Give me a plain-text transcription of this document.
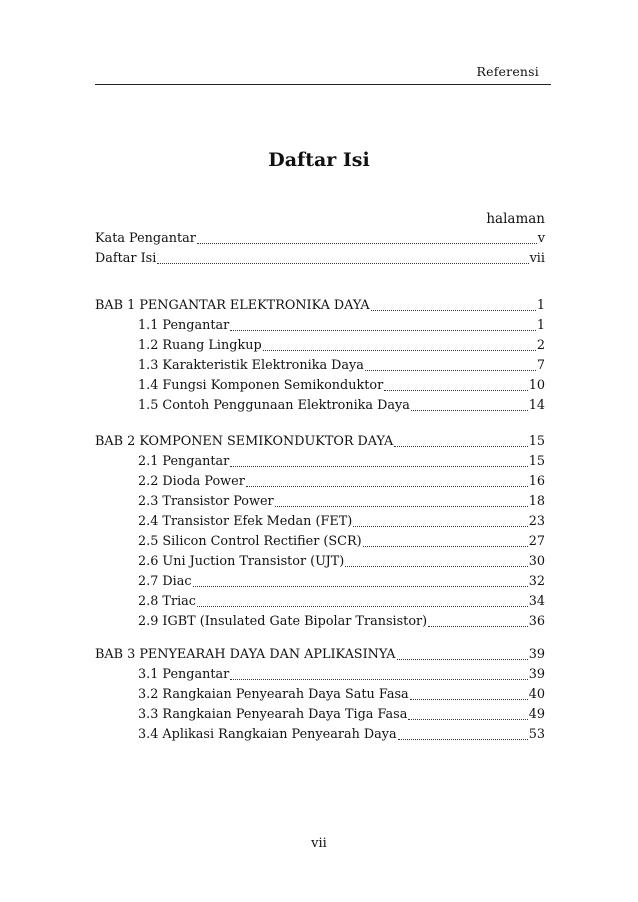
Referensi
Daftar Isi
halaman
Kata Pengantar	v
Daftar Isi	vii
BAB 1 PENGANTAR ELEKTRONIKA DAYA	1
1.1 Pengantar	1
1.2 Ruang Lingkup	2
1.3 Karakteristik Elektronika Daya	7
1.4 Fungsi Komponen Semikonduktor	10
1.5 Contoh Penggunaan Elektronika Daya	14
BAB 2 KOMPONEN SEMIKONDUKTOR DAYA	15
2.1 Pengantar	15
2.2 Dioda Power	16
2.3 Transistor Power	18
2.4 Transistor Efek Medan (FET)	23
2.5 Silicon Control Rectifier (SCR)	27
2.6 Uni Juction Transistor (UJT)	30
2.7 Diac	32
2.8 Triac	34
2.9 IGBT (Insulated Gate Bipolar Transistor)	36
BAB 3 PENYEARAH DAYA DAN APLIKASINYA	39
3.1 Pengantar	39
3.2 Rangkaian Penyearah Daya Satu Fasa	40
3.3 Rangkaian Penyearah Daya Tiga Fasa	49
3.4 Aplikasi Rangkaian Penyearah Daya	53
vii
